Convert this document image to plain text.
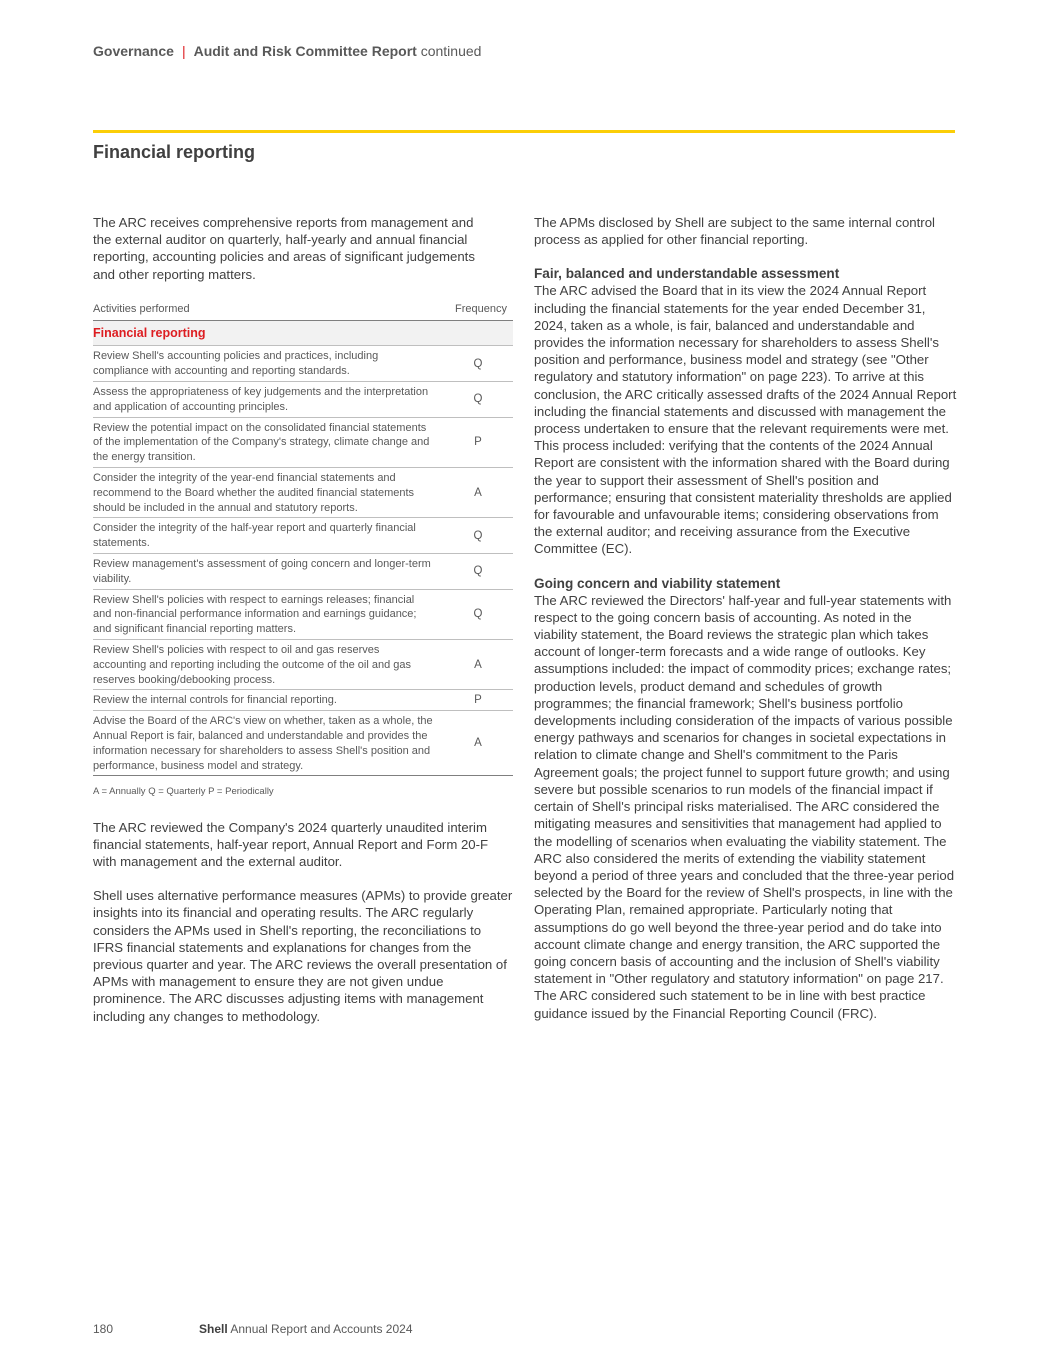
Governance | Audit and Risk Committee Report continued
Financial reporting

The ARC receives comprehensive reports from management and the external auditor on quarterly, half-yearly and annual financial reporting, accounting policies and areas of significant judgements and other reporting matters.

Activities performed	Frequency
Financial reporting	
Review Shell's accounting policies and practices, including compliance with accounting and reporting standards.	Q
Assess the appropriateness of key judgements and the interpretation and application of accounting principles.	Q
Review the potential impact on the consolidated financial statements of the implementation of the Company's strategy, climate change and the energy transition.	P
Consider the integrity of the year-end financial statements and recommend to the Board whether the audited financial statements should be included in the annual and statutory reports.	A
Consider the integrity of the half-year report and quarterly financial statements.	Q
Review management's assessment of going concern and longer-term viability.	Q
Review Shell's policies with respect to earnings releases; financial and non-financial performance information and earnings guidance; and significant financial reporting matters.	Q
Review Shell's policies with respect to oil and gas reserves accounting and reporting including the outcome of the oil and gas reserves booking/debooking process.	A
Review the internal controls for financial reporting.	P
Advise the Board of the ARC's view on whether, taken as a whole, the Annual Report is fair, balanced and understandable and provides the information necessary for shareholders to assess Shell's position and performance, business model and strategy.	A
A = Annually Q = Quarterly P = Periodically

The ARC reviewed the Company's 2024 quarterly unaudited interim financial statements, half-year report, Annual Report and Form 20-F with management and the external auditor.

Shell uses alternative performance measures (APMs) to provide greater insights into its financial and operating results. The ARC regularly considers the APMs used in Shell's reporting, the reconciliations to IFRS financial statements and explanations for changes from the previous quarter and year. The ARC reviews the overall presentation of APMs with management to ensure they are not given undue prominence. The ARC discusses adjusting items with management including any changes to methodology.

The APMs disclosed by Shell are subject to the same internal control process as applied for other financial reporting.

Fair, balanced and understandable assessment

The ARC advised the Board that in its view the 2024 Annual Report including the financial statements for the year ended December 31, 2024, taken as a whole, is fair, balanced and understandable and provides the information necessary for shareholders to assess Shell's position and performance, business model and strategy (see "Other regulatory and statutory information" on page 223). To arrive at this conclusion, the ARC critically assessed drafts of the 2024 Annual Report including the financial statements and discussed with management the process undertaken to ensure that the relevant requirements were met. This process included: verifying that the contents of the 2024 Annual Report are consistent with the information shared with the Board during the year to support their assessment of Shell's position and performance; ensuring that consistent materiality thresholds are applied for favourable and unfavourable items; considering observations from the external auditor; and receiving assurance from the Executive Committee (EC).

Going concern and viability statement

The ARC reviewed the Directors' half-year and full-year statements with respect to the going concern basis of accounting. As noted in the viability statement, the Board reviews the strategic plan which takes account of longer-term forecasts and a wide range of outlooks. Key assumptions included: the impact of commodity prices; exchange rates; production levels, product demand and schedules of growth programmes; the financial framework; Shell's business portfolio developments including consideration of the impacts of various possible energy pathways and scenarios for changes in societal expectations in relation to climate change and Shell's commitment to the Paris Agreement goals; the project funnel to support future growth; and using severe but possible scenarios to run models of the financial impact if certain of Shell's principal risks materialised. The ARC considered the mitigating measures and sensitivities that management had applied to the modelling of scenarios when evaluating the viability statement. The ARC also considered the merits of extending the viability statement beyond a period of three years and concluded that the three-year period selected by the Board for the review of Shell's prospects, in line with the Operating Plan, remained appropriate. Particularly noting that assumptions do go well beyond the three-year period and do take into account climate change and energy transition, the ARC supported the going concern basis of accounting and the inclusion of Shell's viability statement in "Other regulatory and statutory information" on page 217. The ARC considered such statement to be in line with best practice guidance issued by the Financial Reporting Council (FRC).

180	Shell Annual Report and Accounts 2024
